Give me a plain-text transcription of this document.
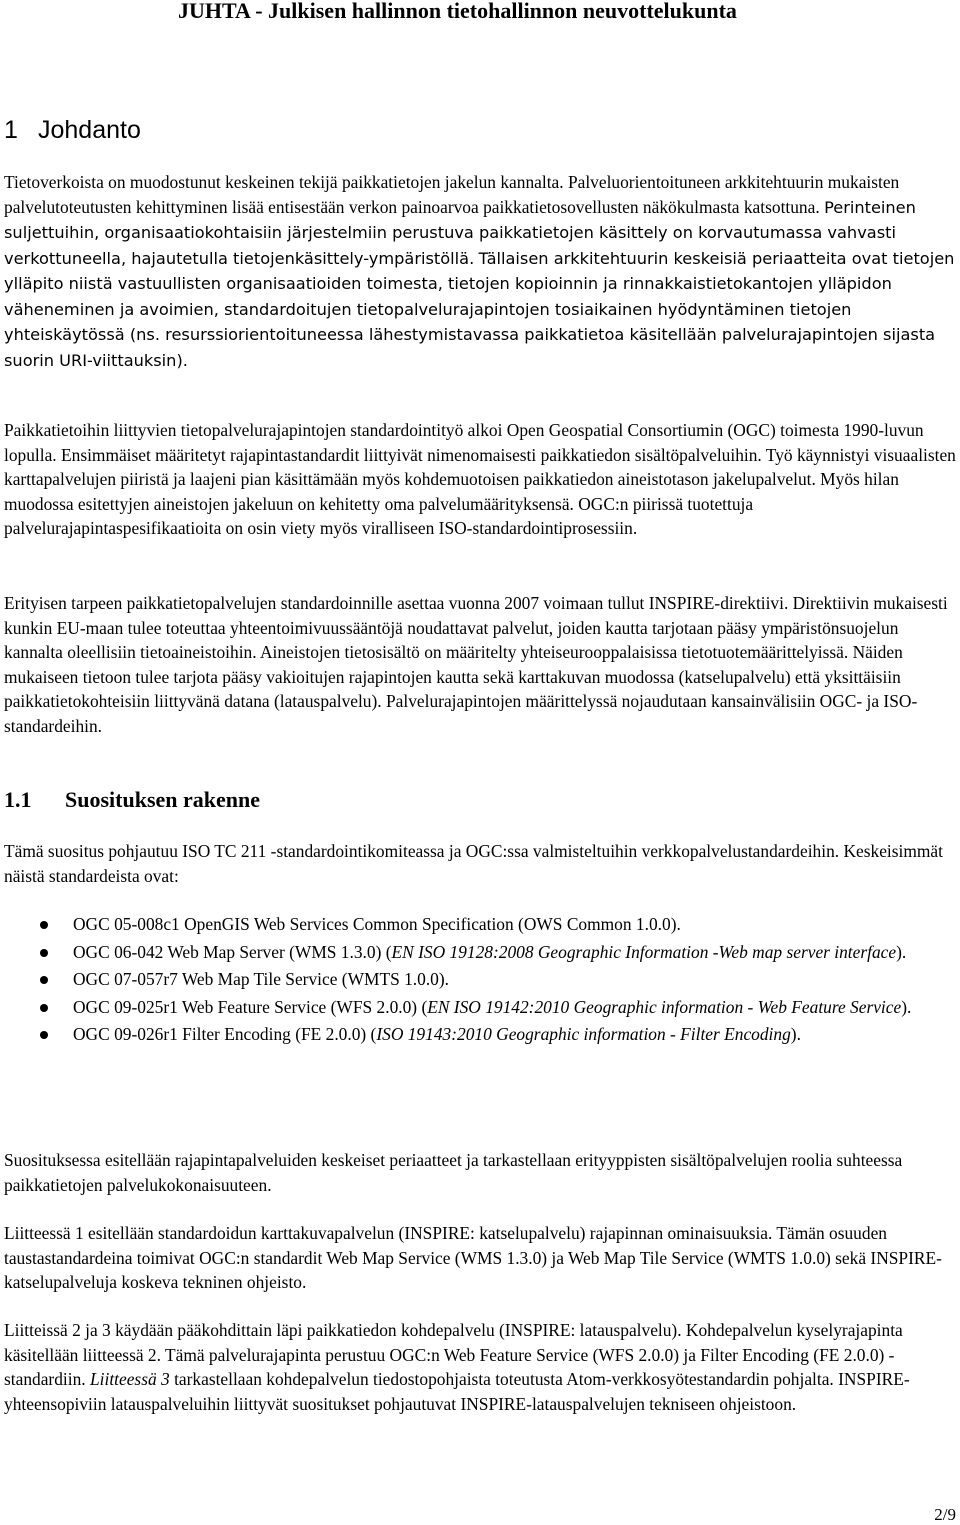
JUHTA - Julkisen hallinnon tietohallinnon neuvottelukunta
1 Johdanto

Tietoverkoista on muodostunut keskeinen tekijä paikkatietojen jakelun kannalta. Palveluorientoituneen arkkitehtuurin mukaisten palvelutoteutusten kehittyminen lisää entisestään verkon painoarvoa paikkatietosovellusten näkökulmasta katsottuna. Perinteinen suljettuihin, organisaatiokohtaisiin järjestelmiin perustuva paikkatietojen käsittely on korvautumassa vahvasti verkottuneella, hajautetulla tietojenkäsittely-ympäristöllä. Tällaisen arkkitehtuurin keskeisiä periaatteita ovat tietojen ylläpito niistä vastuullisten organisaatioiden toimesta, tietojen kopioinnin ja rinnakkaistietokantojen ylläpidon väheneminen ja avoimien, standardoitujen tietopalvelurajapintojen tosiaikainen hyödyntäminen tietojen yhteiskäytössä (ns. resurssiorientoituneessa lähestymistavassa paikkatietoa käsitellään palvelurajapintojen sijasta suorin URI-viittauksin).

Paikkatietoihin liittyvien tietopalvelurajapintojen standardointityö alkoi Open Geospatial Consortiumin (OGC) toimesta 1990-luvun lopulla. Ensimmäiset määritetyt rajapintastandardit liittyivät nimenomaisesti paikkatiedon sisältöpalveluihin. Työ käynnistyi visuaalisten karttapalvelujen piiristä ja laajeni pian käsittämään myös kohdemuotoisen paikkatiedon aineistotason jakelupalvelut. Myös hilan muodossa esitettyjen aineistojen jakeluun on kehitetty oma palvelumäärityksensä. OGC:n piirissä tuotettuja palvelurajapintaspesifikaatioita on osin viety myös viralliseen ISO-standardointiprosessiin.

Erityisen tarpeen paikkatietopalvelujen standardoinnille asettaa vuonna 2007 voimaan tullut INSPIRE-direktiivi. Direktiivin mukaisesti kunkin EU-maan tulee toteuttaa yhteentoimivuussääntöjä noudattavat palvelut, joiden kautta tarjotaan pääsy ympäristönsuojelun kannalta oleellisiin tietoaineistoihin. Aineistojen tietosisältö on määritelty yhteiseurooppalaisissa tietotuotemäärittelyissä. Näiden mukaiseen tietoon tulee tarjota pääsy vakioitujen rajapintojen kautta sekä karttakuvan muodossa (katselupalvelu) että yksittäisiin paikkatietokohteisiin liittyvänä datana (latauspalvelu). Palvelurajapintojen määrittelyssä nojaudutaan kansainvälisiin OGC- ja ISO-standardeihin.

1.1 Suosituksen rakenne

Tämä suositus pohjautuu ISO TC 211 -standardointikomiteassa ja OGC:ssa valmisteltuihin verkkopalvelustandardeihin. Keskeisimmät näistä standardeista ovat:

OGC 05-008c1 OpenGIS Web Services Common Specification (OWS Common 1.0.0).
OGC 06-042 Web Map Server (WMS 1.3.0) (EN ISO 19128:2008 Geographic Information -Web map server interface).
OGC 07-057r7 Web Map Tile Service (WMTS 1.0.0).
OGC 09-025r1 Web Feature Service (WFS 2.0.0) (EN ISO 19142:2010 Geographic information - Web Feature Service).
OGC 09-026r1 Filter Encoding (FE 2.0.0) (ISO 19143:2010 Geographic information - Filter Encoding).

Suosituksessa esitellään rajapintapalveluiden keskeiset periaatteet ja tarkastellaan erityyppisten sisältöpalvelujen roolia suhteessa paikkatietojen palvelukokonaisuuteen.

Liitteessä 1 esitellään standardoidun karttakuvapalvelun (INSPIRE: katselupalvelu) rajapinnan ominaisuuksia. Tämän osuuden taustastandardeina toimivat OGC:n standardit Web Map Service (WMS 1.3.0) ja Web Map Tile Service (WMTS 1.0.0) sekä INSPIRE-katselupalveluja koskeva tekninen ohjeisto.

Liitteissä 2 ja 3 käydään pääkohdittain läpi paikkatiedon kohdepalvelu (INSPIRE: latauspalvelu). Kohdepalvelun kyselyrajapinta käsitellään liitteessä 2. Tämä palvelurajapinta perustuu OGC:n Web Feature Service (WFS 2.0.0) ja Filter Encoding (FE 2.0.0) -standardiin. Liitteessä 3 tarkastellaan kohdepalvelun tiedostopohjaista toteutusta Atom-verkkosyötestandardin pohjalta. INSPIRE-yhteensopiviin latauspalveluihin liittyvät suositukset pohjautuvat INSPIRE-latauspalvelujen tekniseen ohjeistoon.

2/9
